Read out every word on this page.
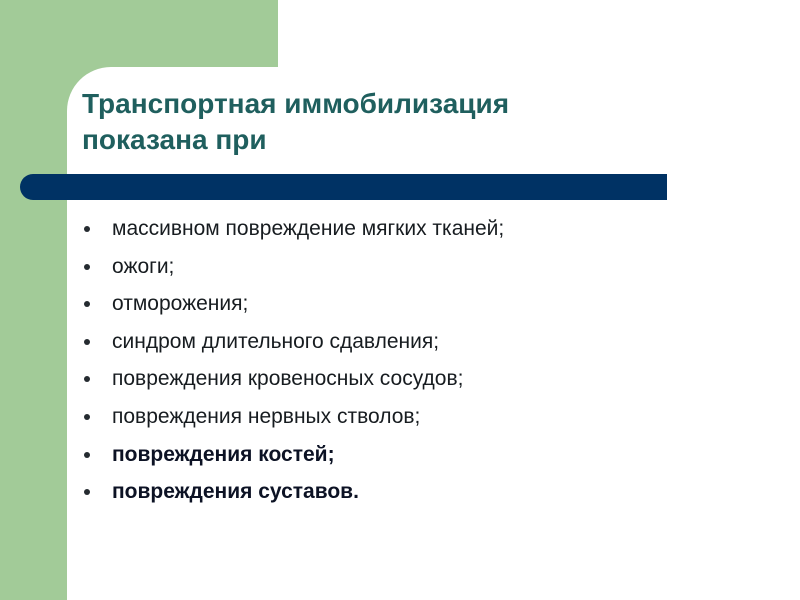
Транспортная иммобилизация
показана при
массивном повреждение мягких тканей;
ожоги;
отморожения;
синдром длительного сдавления;
повреждения кровеносных сосудов;
повреждения нервных стволов;
повреждения костей;
повреждения суставов.
